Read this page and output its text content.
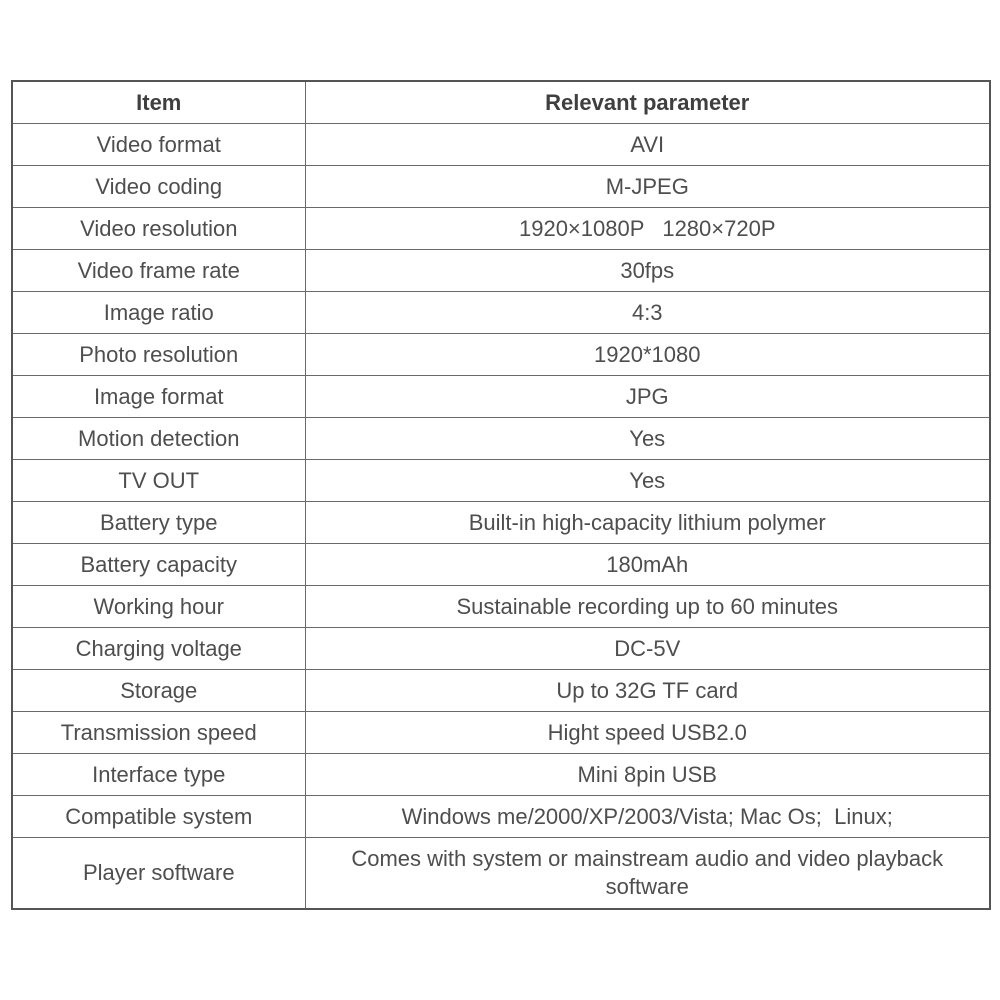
Item	Relevant parameter
Video format	AVI
Video coding	M-JPEG
Video resolution	1920×1080P   1280×720P
Video frame rate	30fps
Image ratio	4:3
Photo resolution	1920*1080
Image format	JPG
Motion detection	Yes
TV OUT	Yes
Battery type	Built-in high-capacity lithium polymer
Battery capacity	180mAh
Working hour	Sustainable recording up to 60 minutes
Charging voltage	DC-5V
Storage	Up to 32G TF card
Transmission speed	Hight speed USB2.0
Interface type	Mini 8pin USB
Compatible system	Windows me/2000/XP/2003/Vista; Mac Os;  Linux;
Player software	Comes with system or mainstream audio and video playback software
